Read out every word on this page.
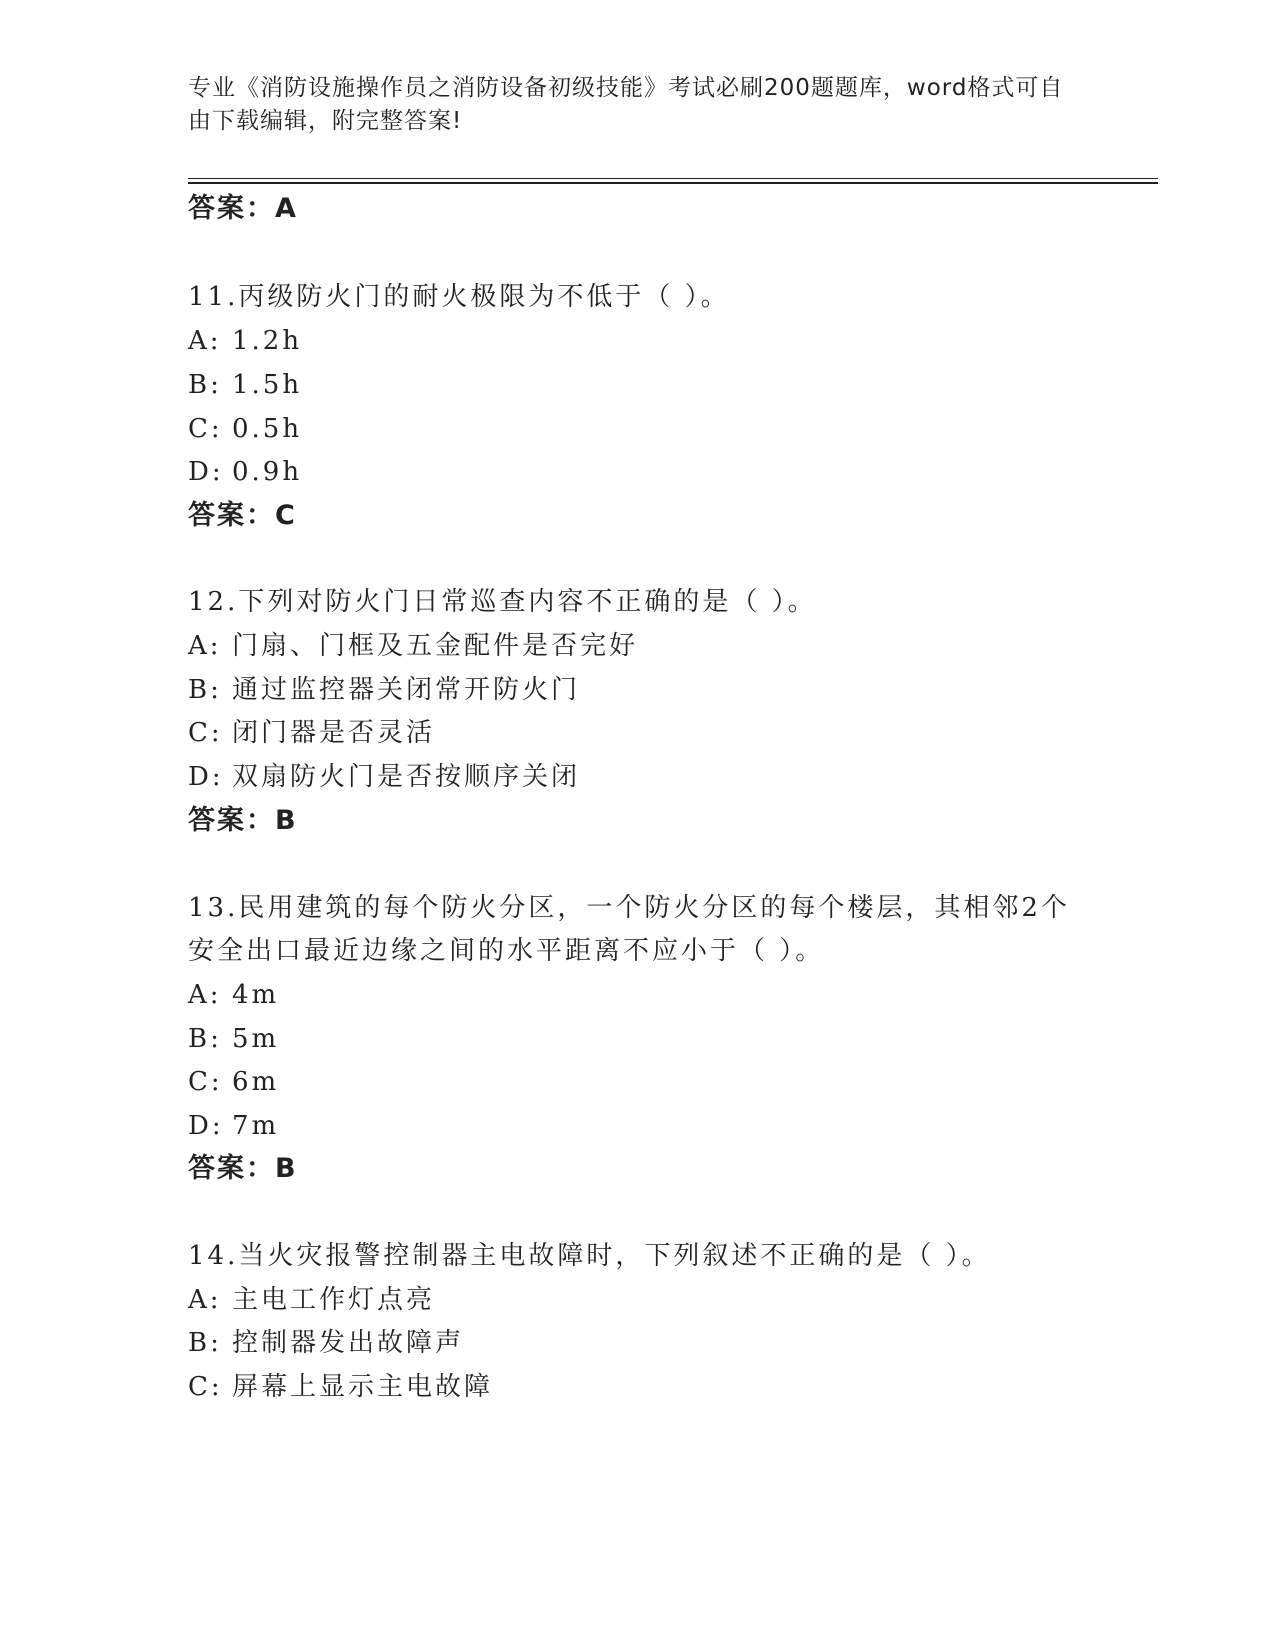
专业《消防设施操作员之消防设备初级技能》考试必刷200题题库，word格式可自由下载编辑，附完整答案!
答案：A
11.丙级防火门的耐火极限为不低于（ ）。
A: 1.2h
B: 1.5h
C: 0.5h
D: 0.9h
答案：C
12.下列对防火门日常巡查内容不正确的是（ ）。
A: 门扇、门框及五金配件是否完好
B: 通过监控器关闭常开防火门
C: 闭门器是否灵活
D: 双扇防火门是否按顺序关闭
答案：B
13.民用建筑的每个防火分区，一个防火分区的每个楼层，其相邻2个
安全出口最近边缘之间的水平距离不应小于（ ）。
A: 4m
B: 5m
C: 6m
D: 7m
答案：B
14.当火灾报警控制器主电故障时，下列叙述不正确的是（ ）。
A: 主电工作灯点亮
B: 控制器发出故障声
C: 屏幕上显示主电故障
